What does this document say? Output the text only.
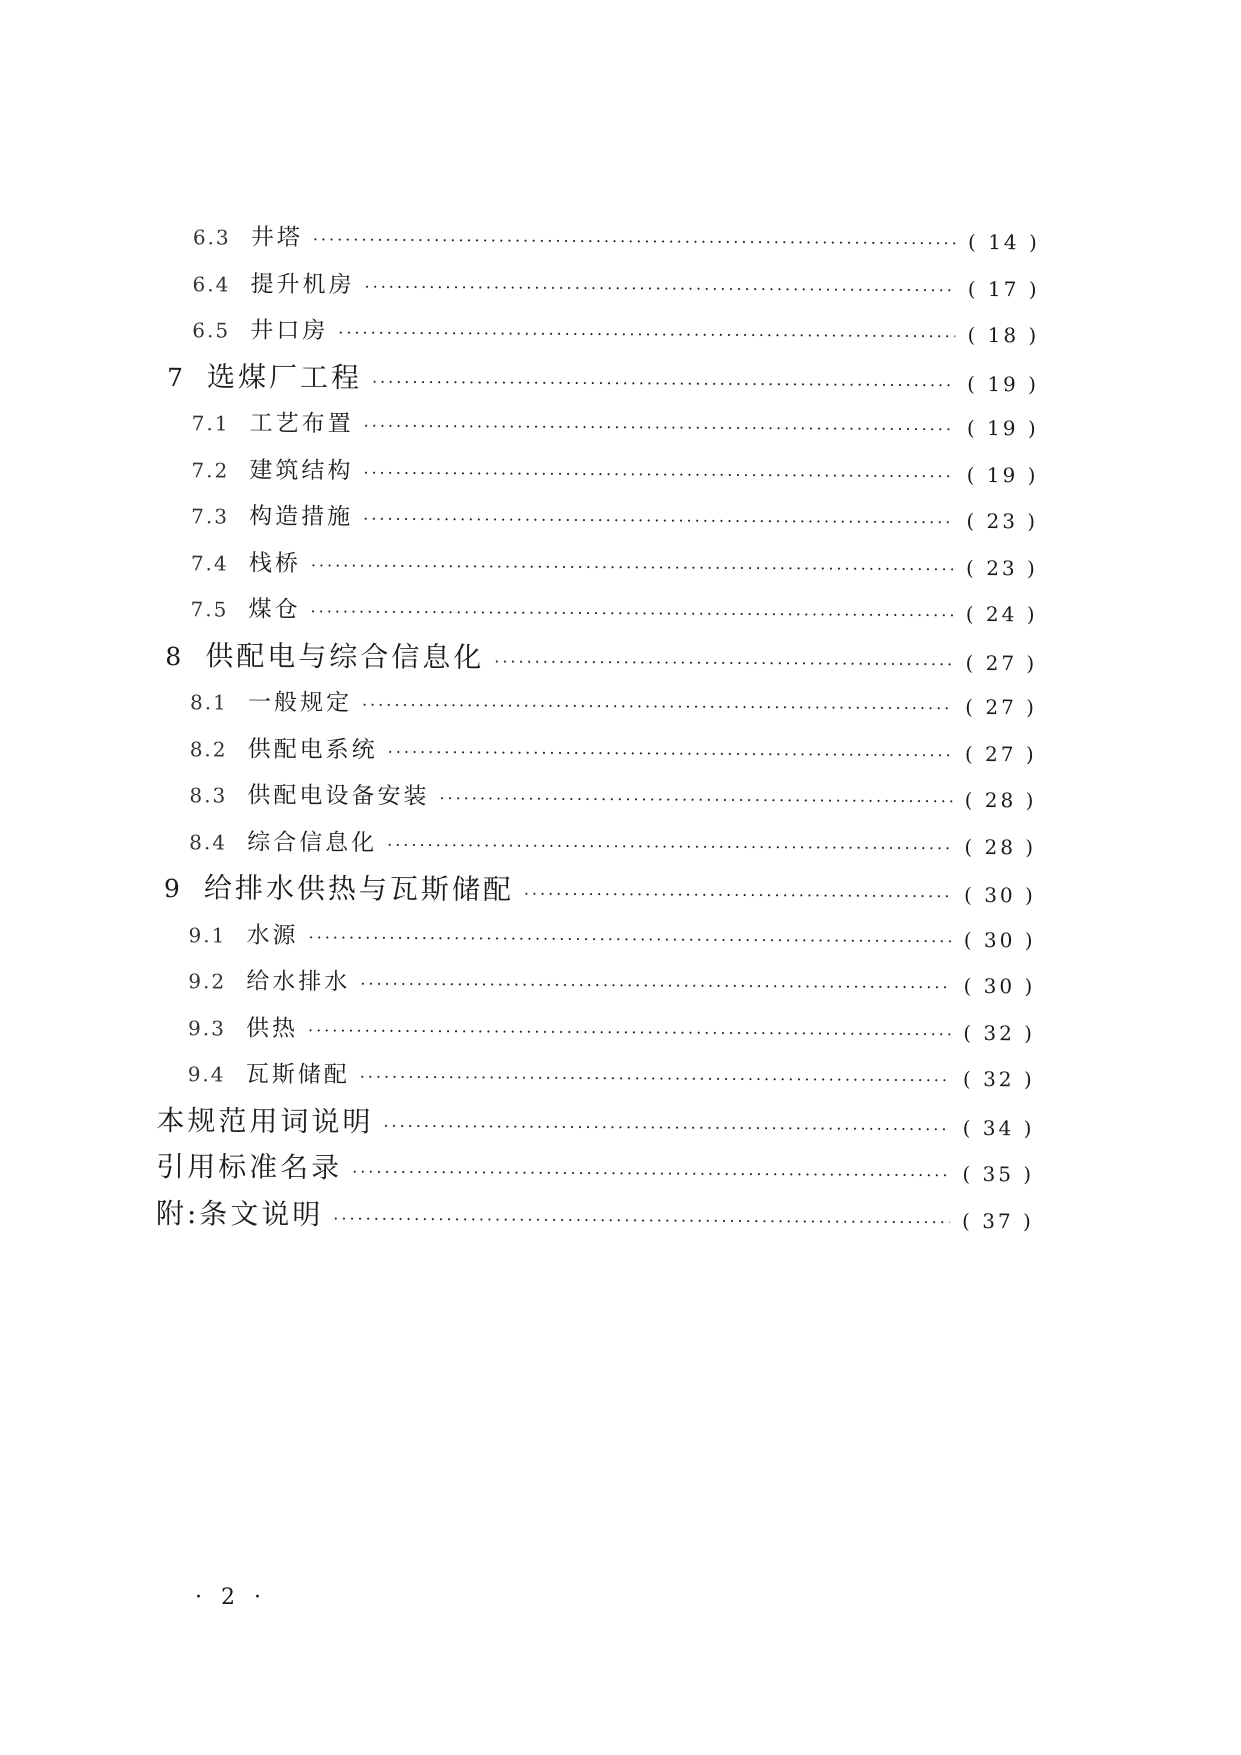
6.3 井塔 ·····	( 14 )
6.4 提升机房 ·····	( 17 )
6.5 井口房 ·····	( 18 )
7 选煤厂工程 ·····	( 19 )
7.1 工艺布置 ·····	( 19 )
7.2 建筑结构 ·····	( 19 )
7.3 构造措施 ·····	( 23 )
7.4 栈桥 ·····	( 23 )
7.5 煤仓 ·····	( 24 )
8 供配电与综合信息化 ·····	( 27 )
8.1 一般规定 ·····	( 27 )
8.2 供配电系统 ·····	( 27 )
8.3 供配电设备安装 ·····	( 28 )
8.4 综合信息化 ·····	( 28 )
9 给排水供热与瓦斯储配 ·····	( 30 )
9.1 水源 ·····	( 30 )
9.2 给水排水 ·····	( 30 )
9.3 供热 ·····	( 32 )
9.4 瓦斯储配 ·····	( 32 )
本规范用词说明 ·····	( 34 )
引用标准名录 ·····	( 35 )
附:条文说明 ·····	( 37 )
· 2 ·
